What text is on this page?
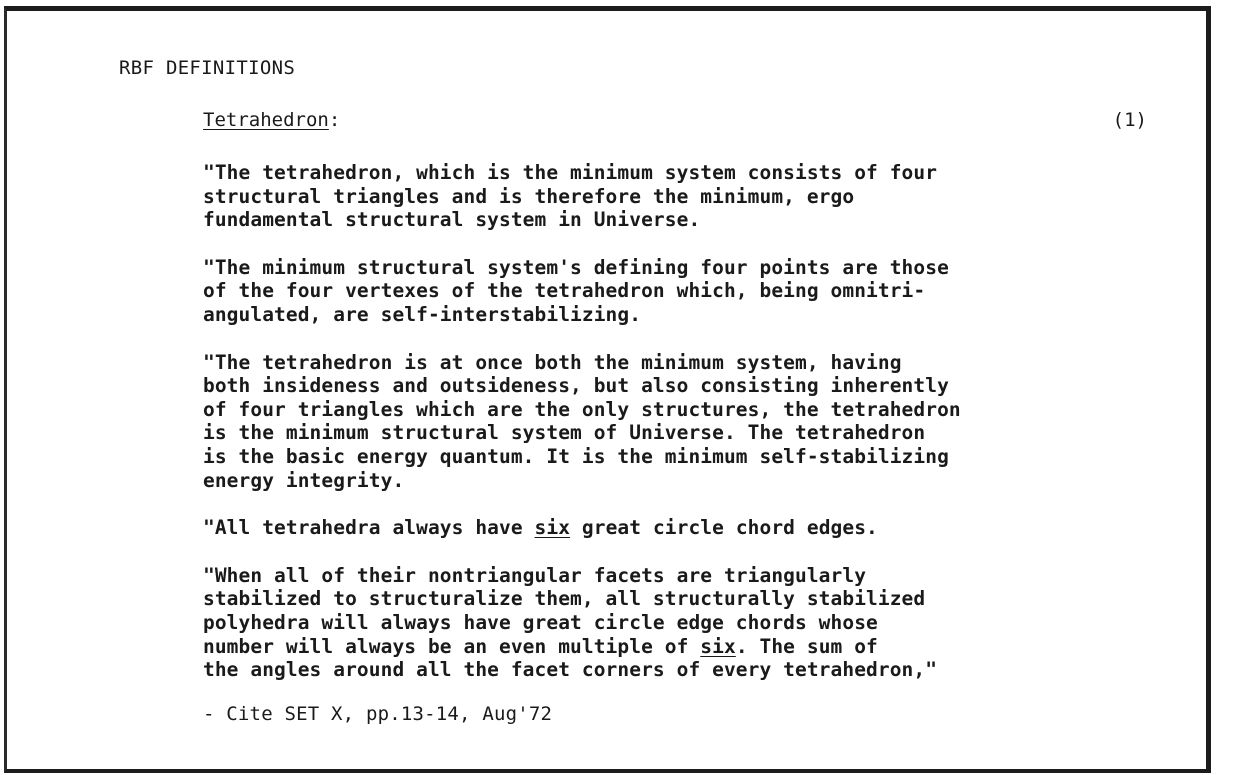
RBF DEFINITIONS
Tetrahedron:	(1)
"The tetrahedron, which is the minimum system consists of four
structural triangles and is therefore the minimum, ergo
fundamental structural system in Universe.
"The minimum structural system's defining four points are those
of the four vertexes of the tetrahedron which, being omnitri-
angulated, are self-interstabilizing.
"The tetrahedron is at once both the minimum system, having
both insideness and outsideness, but also consisting inherently
of four triangles which are the only structures, the tetrahedron
is the minimum structural system of Universe. The tetrahedron
is the basic energy quantum. It is the minimum self-stabilizing
energy integrity.
"All tetrahedra always have six great circle chord edges.
"When all of their nontriangular facets are triangularly
stabilized to structuralize them, all structurally stabilized
polyhedra will always have great circle edge chords whose
number will always be an even multiple of six. The sum of
the angles around all the facet corners of every tetrahedron,"
- Cite SET X, pp.13-14, Aug'72
